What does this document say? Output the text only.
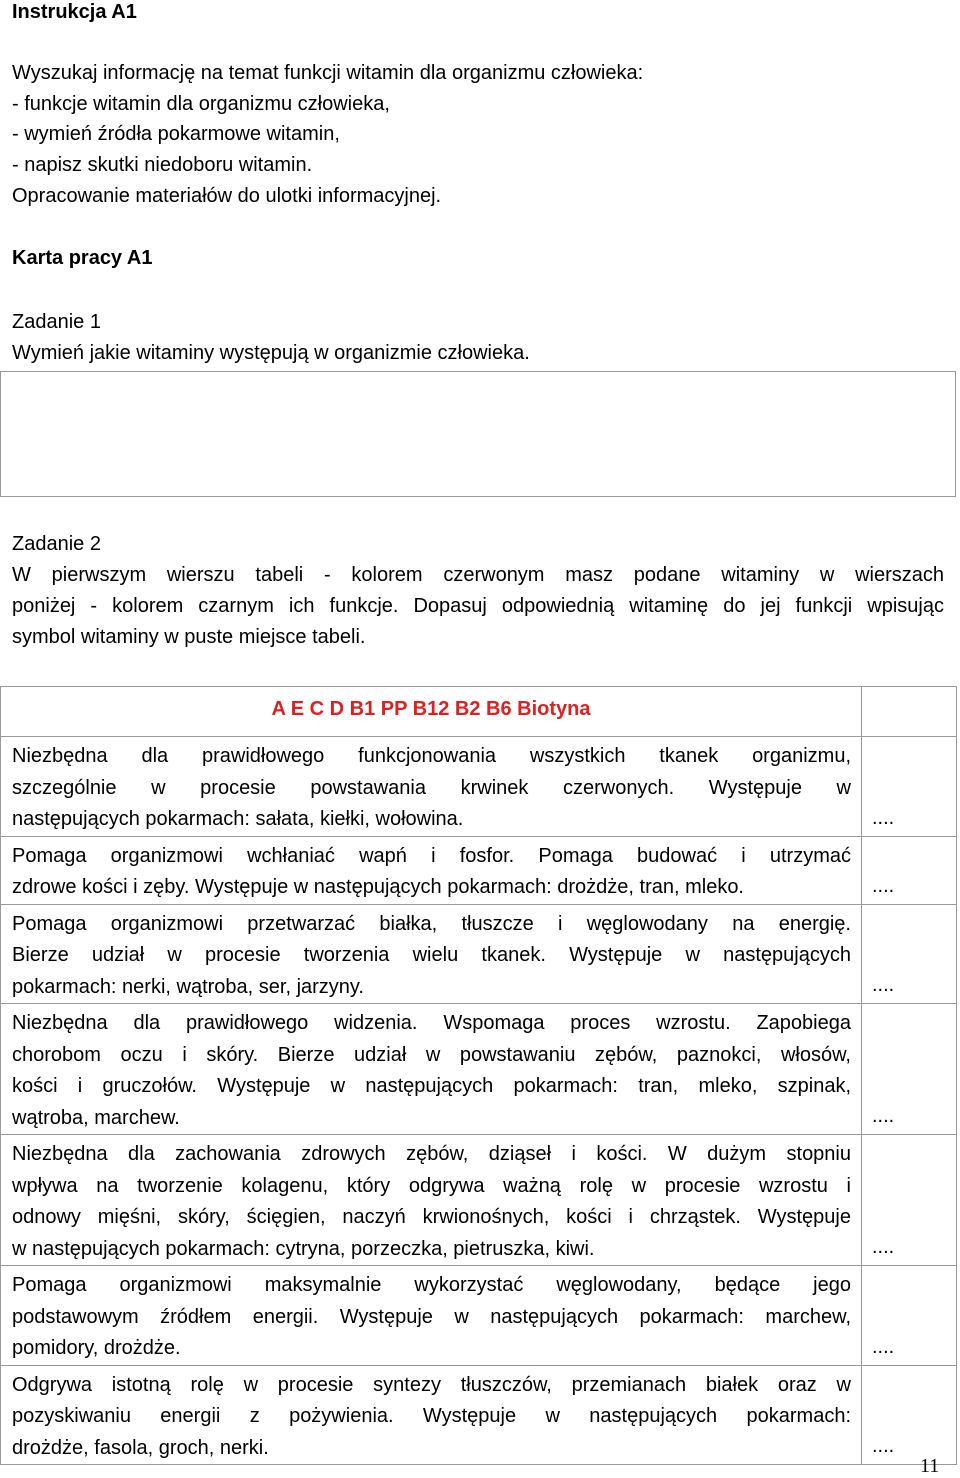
Instrukcja A1
Wyszukaj informację na temat funkcji witamin dla organizmu człowieka:
- funkcje witamin dla organizmu człowieka,
- wymień źródła pokarmowe witamin,
- napisz skutki niedoboru witamin.
Opracowanie materiałów do ulotki informacyjnej.
Karta pracy A1
Zadanie 1
Wymień jakie witaminy występują w organizmie człowieka.
Zadanie 2
W pierwszym wierszu tabeli - kolorem czerwonym masz podane witaminy w wierszach
poniżej - kolorem czarnym ich funkcje. Dopasuj odpowiednią witaminę do jej funkcji wpisując
symbol witaminy w puste miejsce tabeli.
A E C D B1 PP B12 B2 B6 Biotyna	

Niezbędna dla prawidłowego funkcjonowania wszystkich tkanek organizmu,
szczególnie w procesie powstawania krwinek czerwonych. Występuje w
następujących pokarmach: sałata, kiełki, wołowina.	....

Pomaga organizmowi wchłaniać wapń i fosfor. Pomaga budować i utrzymać
zdrowe kości i zęby. Występuje w następujących pokarmach: drożdże, tran, mleko.	....

Pomaga organizmowi przetwarzać białka, tłuszcze i węglowodany na energię.
Bierze udział w procesie tworzenia wielu tkanek. Występuje w następujących
pokarmach: nerki, wątroba, ser, jarzyny.	....

Niezbędna dla prawidłowego widzenia. Wspomaga proces wzrostu. Zapobiega
chorobom oczu i skóry. Bierze udział w powstawaniu zębów, paznokci, włosów,
kości i gruczołów. Występuje w następujących pokarmach: tran, mleko, szpinak,
wątroba, marchew.	....

Niezbędna dla zachowania zdrowych zębów, dziąseł i kości. W dużym stopniu
wpływa na tworzenie kolagenu, który odgrywa ważną rolę w procesie wzrostu i
odnowy mięśni, skóry, ścięgien, naczyń krwionośnych, kości i chrząstek. Występuje
w następujących pokarmach: cytryna, porzeczka, pietruszka, kiwi.	....

Pomaga organizmowi maksymalnie wykorzystać węglowodany, będące jego
podstawowym źródłem energii. Występuje w następujących pokarmach: marchew,
pomidory, drożdże.	....

Odgrywa istotną rolę w procesie syntezy tłuszczów, przemianach białek oraz w
pozyskiwaniu energii z pożywienia. Występuje w następujących pokarmach:
drożdże, fasola, groch, nerki.	....
11
